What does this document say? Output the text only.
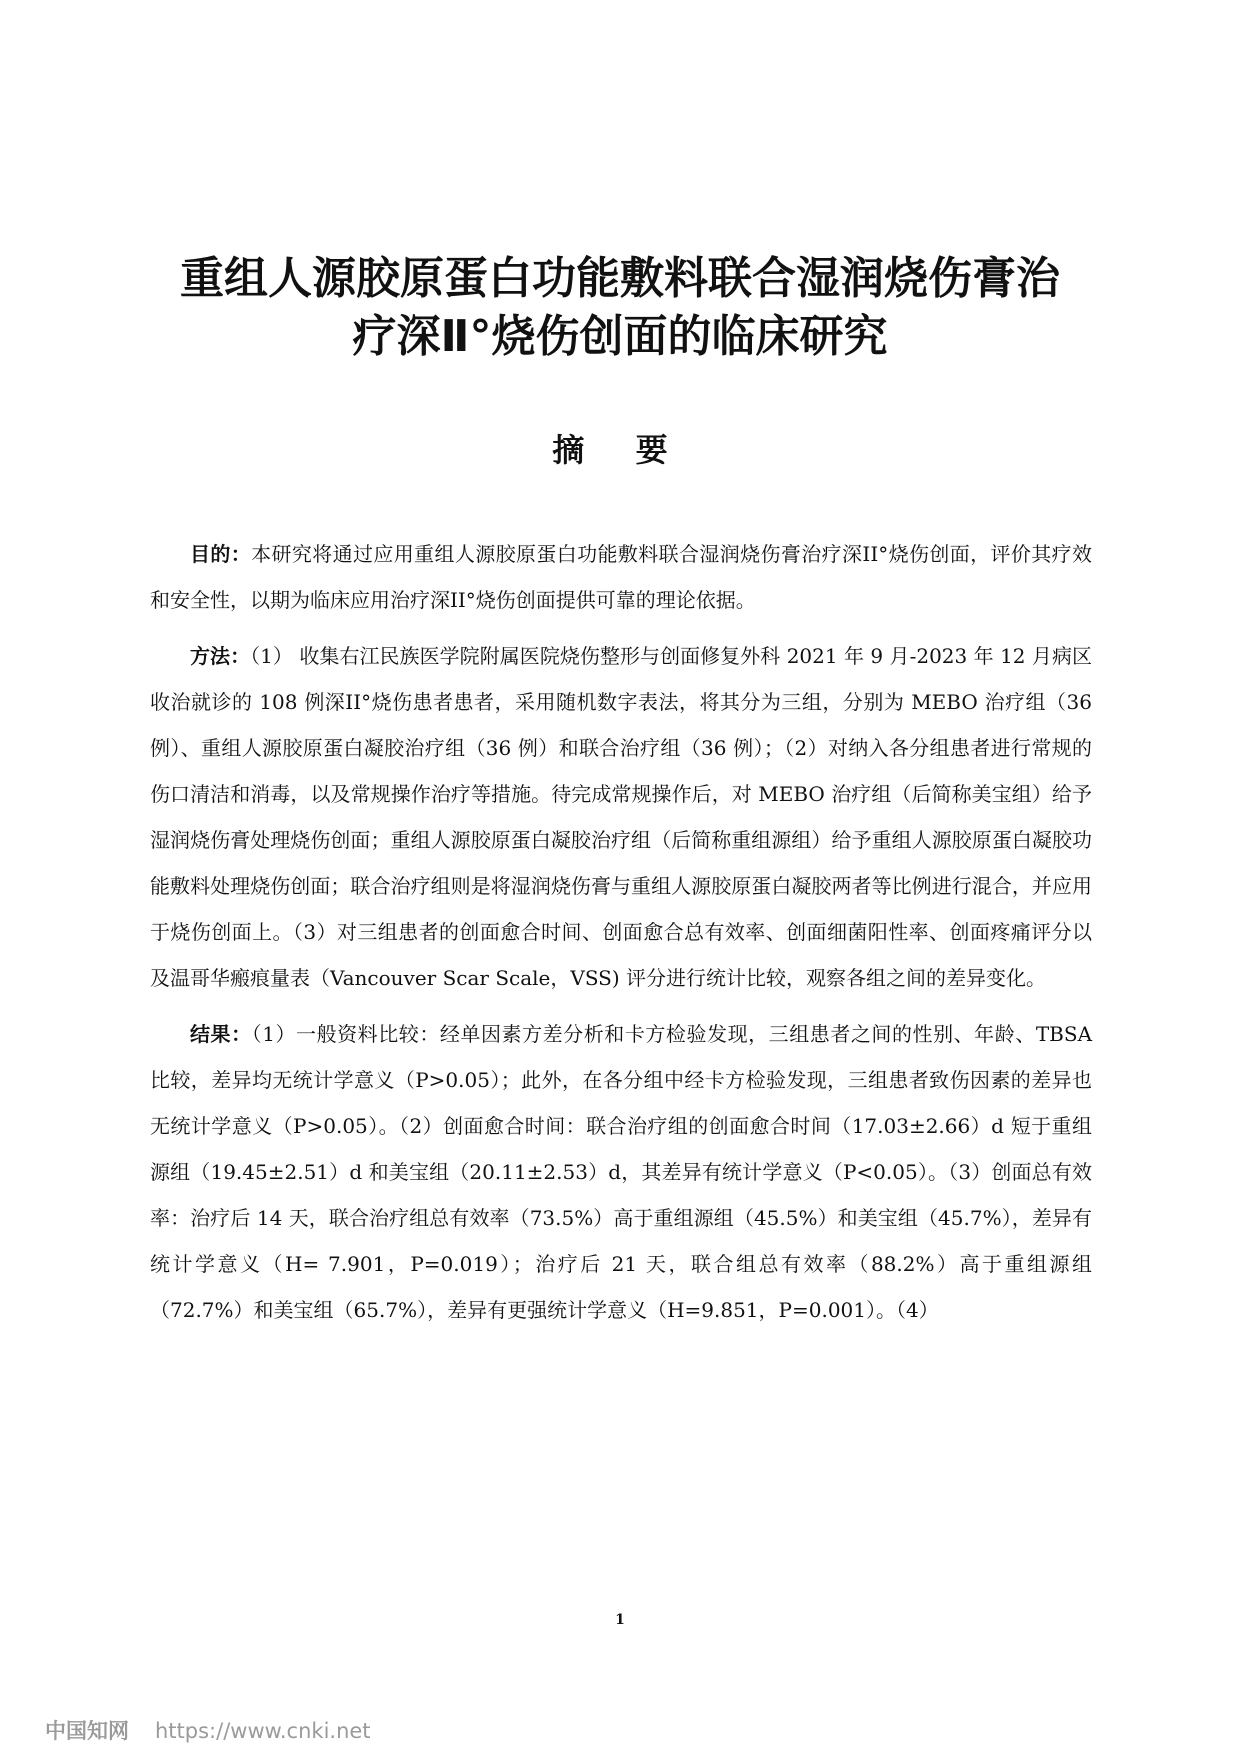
重组人源胶原蛋白功能敷料联合湿润烧伤膏治
疗深Ⅱ°烧伤创面的临床研究
摘 要

目的：本研究将通过应用重组人源胶原蛋白功能敷料联合湿润烧伤膏治疗深II°烧伤创面，评价其疗效和安全性，以期为临床应用治疗深II°烧伤创面提供可靠的理论依据。

方法：（1） 收集右江民族医学院附属医院烧伤整形与创面修复外科 2021 年 9 月-2023 年 12 月病区收治就诊的 108 例深II°烧伤患者患者，采用随机数字表法，将其分为三组，分别为 MEBO 治疗组（36 例）、重组人源胶原蛋白凝胶治疗组（36 例）和联合治疗组（36 例）；（2）对纳入各分组患者进行常规的伤口清洁和消毒，以及常规操作治疗等措施。待完成常规操作后，对 MEBO 治疗组（后简称美宝组）给予湿润烧伤膏处理烧伤创面；重组人源胶原蛋白凝胶治疗组（后简称重组源组）给予重组人源胶原蛋白凝胶功能敷料处理烧伤创面；联合治疗组则是将湿润烧伤膏与重组人源胶原蛋白凝胶两者等比例进行混合，并应用于烧伤创面上。（3）对三组患者的创面愈合时间、创面愈合总有效率、创面细菌阳性率、创面疼痛评分以及温哥华瘢痕量表（Vancouver Scar Scale，VSS) 评分进行统计比较，观察各组之间的差异变化。

结果：（1）一般资料比较：经单因素方差分析和卡方检验发现，三组患者之间的性别、年龄、TBSA 比较，差异均无统计学意义（P>0.05）；此外，在各分组中经卡方检验发现，三组患者致伤因素的差异也无统计学意义（P>0.05）。（2）创面愈合时间：联合治疗组的创面愈合时间（17.03±2.66）d 短于重组源组（19.45±2.51）d 和美宝组（20.11±2.53）d，其差异有统计学意义（P<0.05）。（3）创面总有效率：治疗后 14 天，联合治疗组总有效率（73.5%）高于重组源组（45.5%）和美宝组（45.7%），差异有统计学意义（H= 7.901，P=0.019）；治疗后 21 天，联合组总有效率（88.2%）高于重组源组（72.7%）和美宝组（65.7%），差异有更强统计学意义（H=9.851，P=0.001）。（4）

1
中国知网 https://www.cnki.net
